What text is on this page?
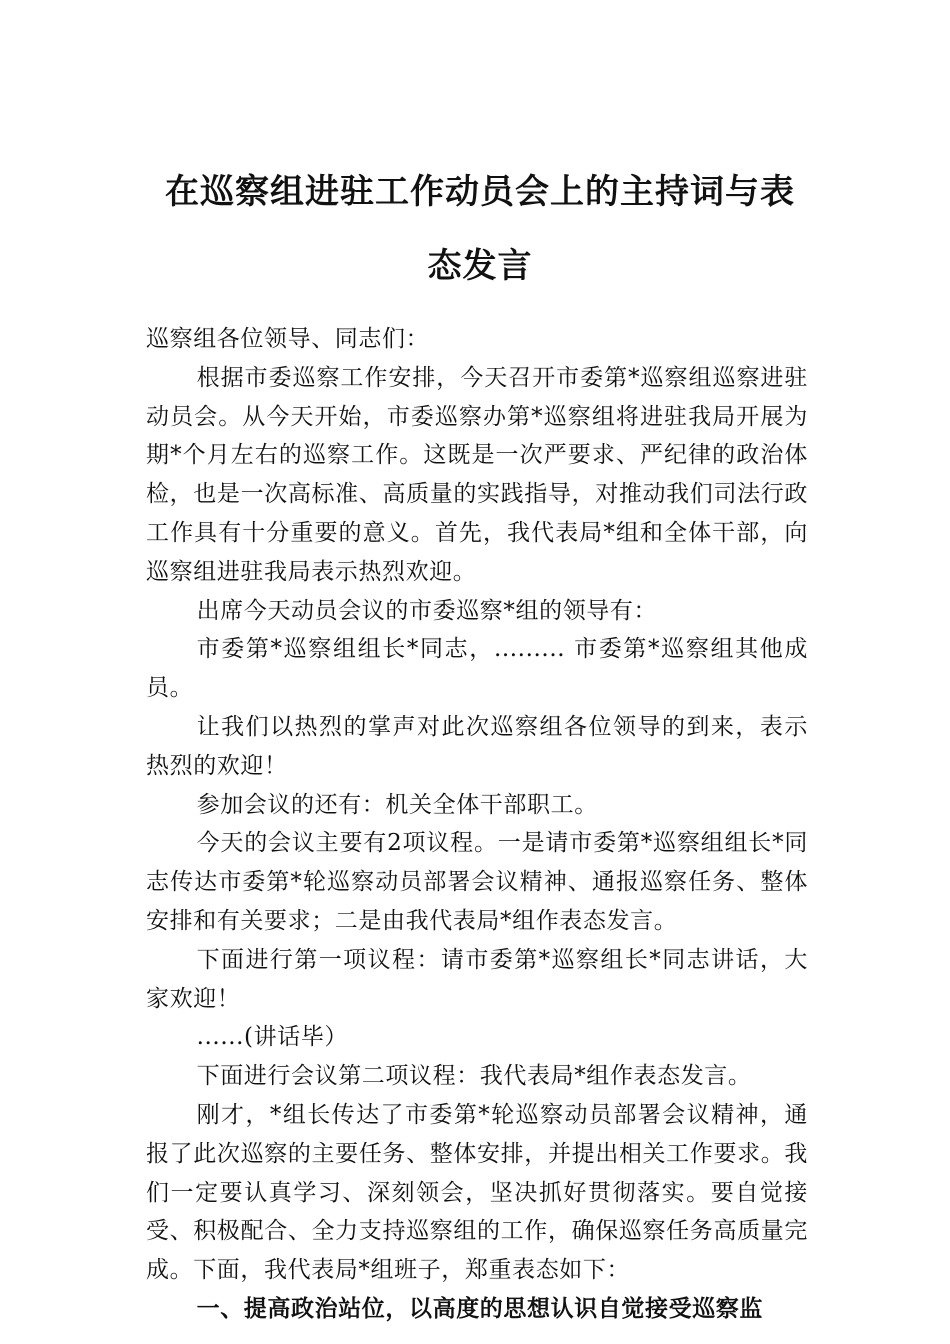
在巡察组进驻工作动员会上的主持词与表态发言

巡察组各位领导、同志们：

根据市委巡察工作安排，今天召开市委第*巡察组巡察进驻动员会。从今天开始，市委巡察办第*巡察组将进驻我局开展为期*个月左右的巡察工作。这既是一次严要求、严纪律的政治体检，也是一次高标准、高质量的实践指导，对推动我们司法行政工作具有十分重要的意义。首先，我代表局*组和全体干部，向巡察组进驻我局表示热烈欢迎。

出席今天动员会议的市委巡察*组的领导有：

市委第*巡察组组长*同志，......... 市委第*巡察组其他成员。

让我们以热烈的掌声对此次巡察组各位领导的到来，表示热烈的欢迎！

参加会议的还有：机关全体干部职工。

今天的会议主要有2项议程。一是请市委第*巡察组组长*同志传达市委第*轮巡察动员部署会议精神、通报巡察任务、整体安排和有关要求；二是由我代表局*组作表态发言。

下面进行第一项议程：请市委第*巡察组长*同志讲话，大家欢迎！

......(讲话毕）

下面进行会议第二项议程：我代表局*组作表态发言。

刚才，*组长传达了市委第*轮巡察动员部署会议精神，通报了此次巡察的主要任务、整体安排，并提出相关工作要求。我们一定要认真学习、深刻领会，坚决抓好贯彻落实。要自觉接受、积极配合、全力支持巡察组的工作，确保巡察任务高质量完成。下面，我代表局*组班子，郑重表态如下：

一、提高政治站位，以高度的思想认识自觉接受巡察监
